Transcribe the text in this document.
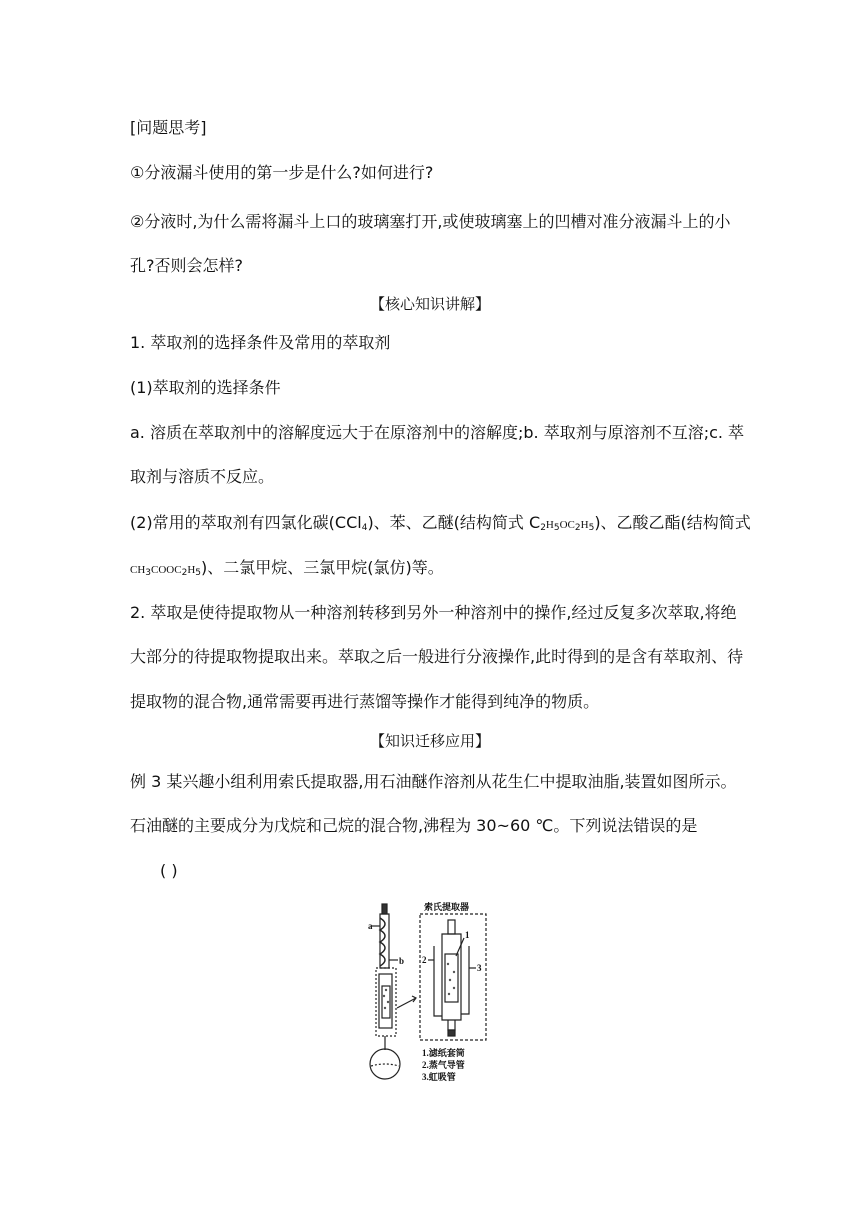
[问题思考]
①分液漏斗使用的第一步是什么?如何进行?
②分液时,为什么需将漏斗上口的玻璃塞打开,或使玻璃塞上的凹槽对准分液漏斗上的小
孔?否则会怎样?
【核心知识讲解】
1. 萃取剂的选择条件及常用的萃取剂
(1)萃取剂的选择条件
a. 溶质在萃取剂中的溶解度远大于在原溶剂中的溶解度;b. 萃取剂与原溶剂不互溶;c. 萃
取剂与溶质不反应。
(2)常用的萃取剂有四氯化碳(CCl$_4$)、苯、乙醚(结构简式 $C_2H_5OC_2H_5$)、乙酸乙酯(结构简式
$CH_3COOC_2H_5$)、二氯甲烷、三氯甲烷(氯仿)等。
2. 萃取是使待提取物从一种溶剂转移到另外一种溶剂中的操作,经过反复多次萃取,将绝
大部分的待提取物提取出来。萃取之后一般进行分液操作,此时得到的是含有萃取剂、待
提取物的混合物,通常需要再进行蒸馏等操作才能得到纯净的物质。
【知识迁移应用】
例 3 某兴趣小组利用索氏提取器,用石油醚作溶剂从花生仁中提取油脂,装置如图所示。
石油醚的主要成分为戊烷和己烷的混合物,沸程为 30~60 ℃。下列说法错误的是
( )
索氏提取器
a
b
1
2
3
1.滤纸套筒
2.蒸气导管
3.虹吸管
